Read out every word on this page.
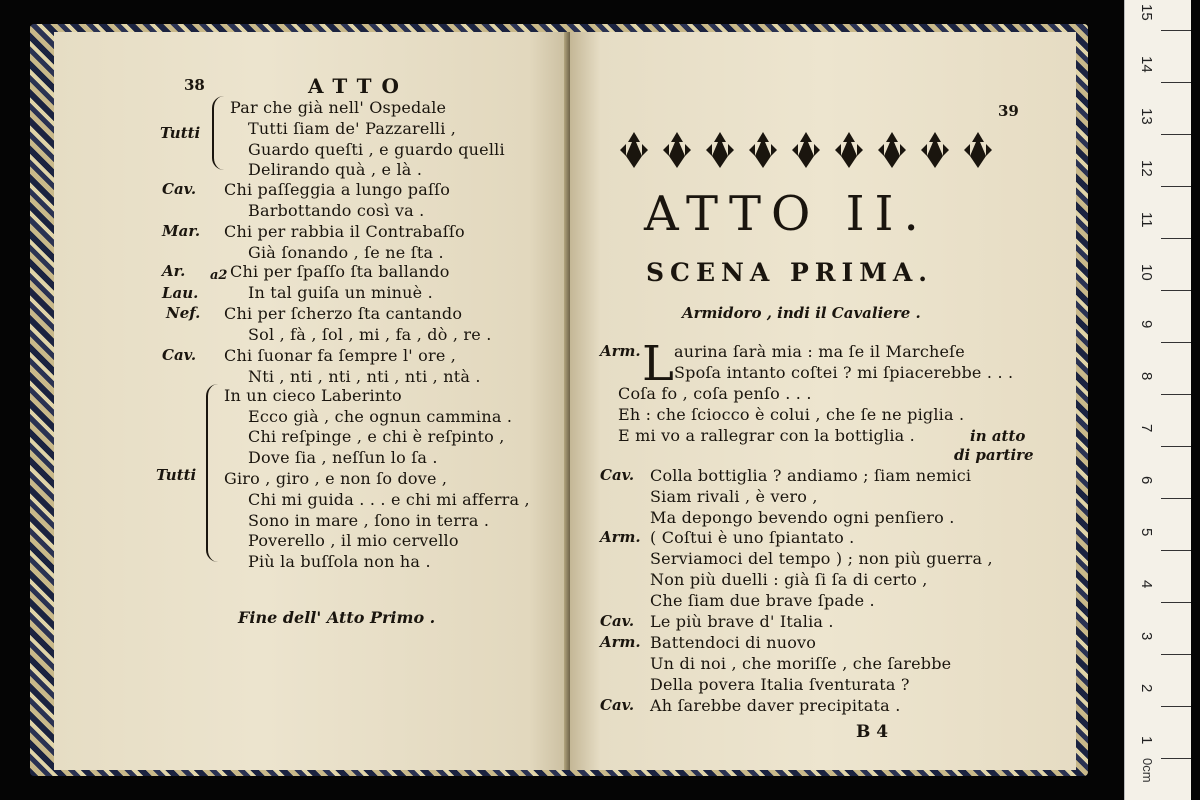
38	ATTO
Tutti
Par che già nell' Ospedale
Tutti ſiam de' Pazzarelli ,
Guardo queſti , e guardo quelli
Delirando quà , e là .
Cav. Chi paſſeggia a lungo paſſo
Barbottando così va .
Mar. Chi per rabbia il Contrabaſſo
Già ſonando , ſe ne ſta .
Ar. a2 Chi per ſpaſſo ſta ballando
Lau.	In tal guiſa un minuè .
Nef. Chi per ſcherzo ſta cantando
Sol , fà , ſol , mi , fa , dò , re .
Cav. Chi ſuonar fa ſempre l' ore ,
Nti , nti , nti , nti , nti , ntà .
Tutti
In un cieco Laberinto
Ecco già , che ognun cammina .
Chi reſpinge , e chi è reſpinto ,
Dove ſia , neſſun lo ſa .
Giro , giro , e non ſo dove ,
Chi mi guida . . . e chi mi afferra ,
Sono in mare , ſono in terra .
Poverello , il mio cervello
Più la buſſola non ha .
Fine dell' Atto Primo .
39
ATTO II.
SCENA PRIMA.
Armidoro , indi il Cavaliere .
Arm. L aurina ſarà mia : ma ſe il Marcheſe
Spoſa intanto coſtei ? mi ſpiacerebbe . . .
Coſa fo , coſa penſo . . .
Eh : che ſciocco è colui , che ſe ne piglia .
E mi vo a rallegrar con la bottiglia .	in atto
di partire
Cav. Colla bottiglia ? andiamo ; ſiam nemici
Siam rivali , è vero ,
Ma depongo bevendo ogni penſiero .
Arm. ( Coſtui è uno ſpiantato .
Serviamoci del tempo ) ; non più guerra ,
Non più duelli : già ſi ſa di certo ,
Che ſiam due brave ſpade .
Cav. Le più brave d' Italia .
Arm. Battendoci di nuovo
Un di noi , che moriſſe , che ſarebbe
Della povera Italia ſventurata ?
Cav. Ah ſarebbe daver precipitata .
B 4
0cm
1
2
3
4
5
6
7
8
9
10
11
12
13
14
15
